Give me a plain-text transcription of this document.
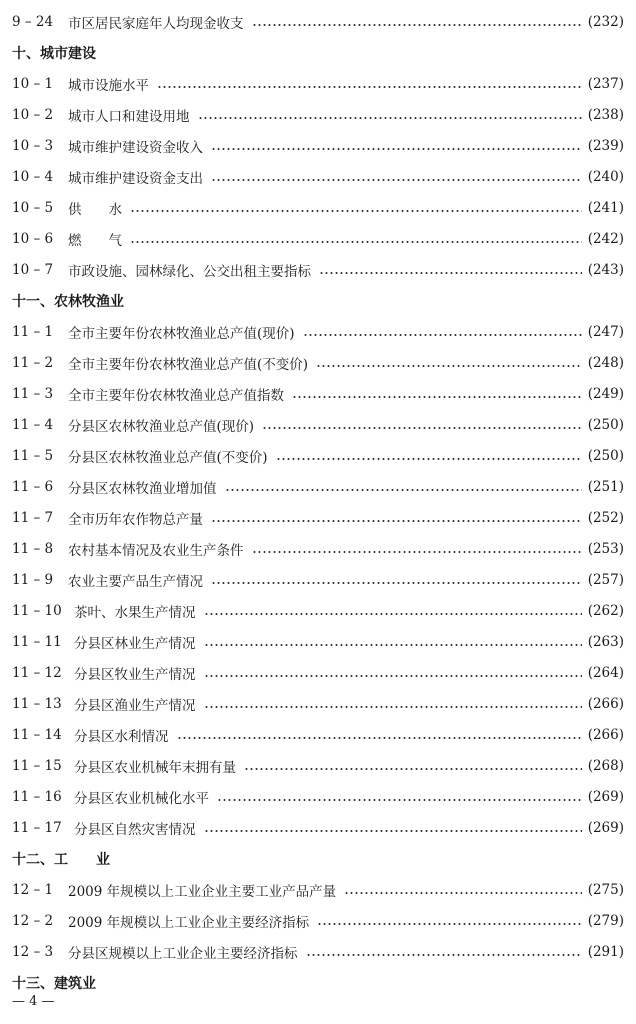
9 – 24	市区居民家庭年人均现金收支	(232)
十、城市建设
10 – 1	城市设施水平	(237)
10 – 2	城市人口和建设用地	(238)
10 – 3	城市维护建设资金收入	(239)
10 – 4	城市维护建设资金支出	(240)
10 – 5	供　　水	(241)
10 – 6	燃　　气	(242)
10 – 7	市政设施、园林绿化、公交出租主要指标	(243)
十一、农林牧渔业
11 – 1	全市主要年份农林牧渔业总产值(现价)	(247)
11 – 2	全市主要年份农林牧渔业总产值(不变价)	(248)
11 – 3	全市主要年份农林牧渔业总产值指数	(249)
11 – 4	分县区农林牧渔业总产值(现价)	(250)
11 – 5	分县区农林牧渔业总产值(不变价)	(250)
11 – 6	分县区农林牧渔业增加值	(251)
11 – 7	全市历年农作物总产量	(252)
11 – 8	农村基本情况及农业生产条件	(253)
11 – 9	农业主要产品生产情况	(257)
11 – 10 茶叶、水果生产情况	(262)
11 – 11 分县区林业生产情况	(263)
11 – 12 分县区牧业生产情况	(264)
11 – 13 分县区渔业生产情况	(266)
11 – 14 分县区水利情况	(266)
11 – 15 分县区农业机械年末拥有量	(268)
11 – 16 分县区农业机械化水平	(269)
11 – 17 分县区自然灾害情况	(269)
十二、工　　业
12 – 1	2009 年规模以上工业企业主要工业产品产量	(275)
12 – 2	2009 年规模以上工业企业主要经济指标	(279)
12 – 3	分县区规模以上工业企业主要经济指标	(291)
十三、建筑业
— 4 —
